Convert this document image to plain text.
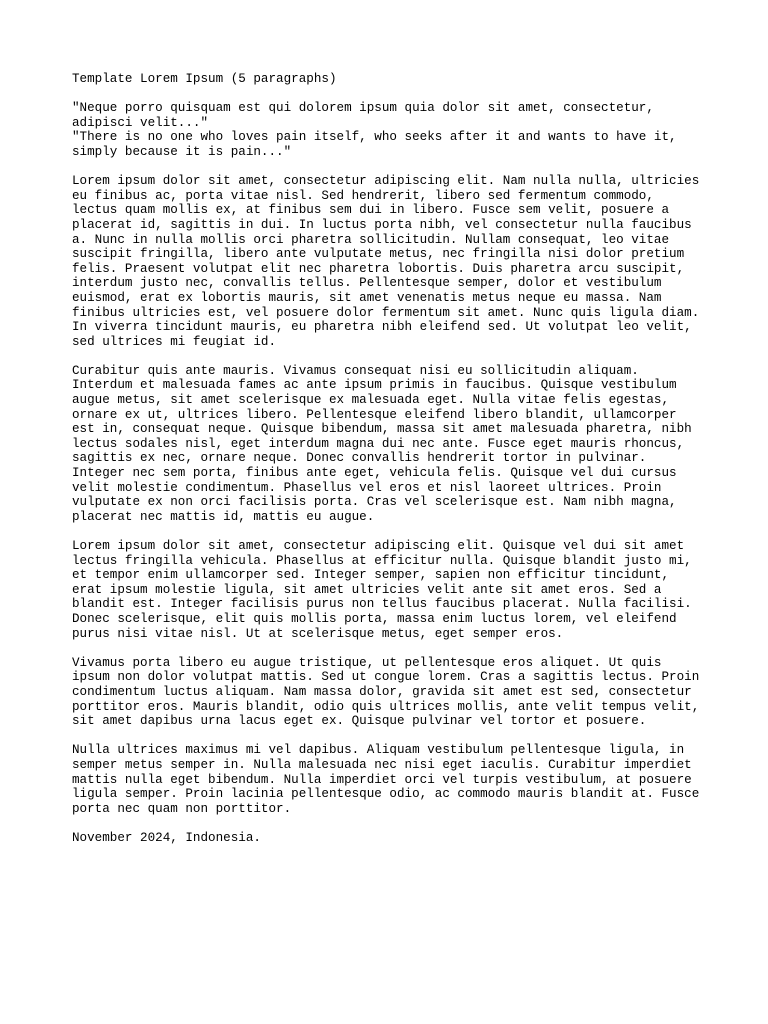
Template Lorem Ipsum (5 paragraphs)
"Neque porro quisquam est qui dolorem ipsum quia dolor sit amet, consectetur,
adipisci velit..."
"There is no one who loves pain itself, who seeks after it and wants to have it,
simply because it is pain..."
Lorem ipsum dolor sit amet, consectetur adipiscing elit. Nam nulla nulla, ultricies
eu finibus ac, porta vitae nisl. Sed hendrerit, libero sed fermentum commodo,
lectus quam mollis ex, at finibus sem dui in libero. Fusce sem velit, posuere a
placerat id, sagittis in dui. In luctus porta nibh, vel consectetur nulla faucibus
a. Nunc in nulla mollis orci pharetra sollicitudin. Nullam consequat, leo vitae
suscipit fringilla, libero ante vulputate metus, nec fringilla nisi dolor pretium
felis. Praesent volutpat elit nec pharetra lobortis. Duis pharetra arcu suscipit,
interdum justo nec, convallis tellus. Pellentesque semper, dolor et vestibulum
euismod, erat ex lobortis mauris, sit amet venenatis metus neque eu massa. Nam
finibus ultricies est, vel posuere dolor fermentum sit amet. Nunc quis ligula diam.
In viverra tincidunt mauris, eu pharetra nibh eleifend sed. Ut volutpat leo velit,
sed ultrices mi feugiat id.
Curabitur quis ante mauris. Vivamus consequat nisi eu sollicitudin aliquam.
Interdum et malesuada fames ac ante ipsum primis in faucibus. Quisque vestibulum
augue metus, sit amet scelerisque ex malesuada eget. Nulla vitae felis egestas,
ornare ex ut, ultrices libero. Pellentesque eleifend libero blandit, ullamcorper
est in, consequat neque. Quisque bibendum, massa sit amet malesuada pharetra, nibh
lectus sodales nisl, eget interdum magna dui nec ante. Fusce eget mauris rhoncus,
sagittis ex nec, ornare neque. Donec convallis hendrerit tortor in pulvinar.
Integer nec sem porta, finibus ante eget, vehicula felis. Quisque vel dui cursus
velit molestie condimentum. Phasellus vel eros et nisl laoreet ultrices. Proin
vulputate ex non orci facilisis porta. Cras vel scelerisque est. Nam nibh magna,
placerat nec mattis id, mattis eu augue.
Lorem ipsum dolor sit amet, consectetur adipiscing elit. Quisque vel dui sit amet
lectus fringilla vehicula. Phasellus at efficitur nulla. Quisque blandit justo mi,
et tempor enim ullamcorper sed. Integer semper, sapien non efficitur tincidunt,
erat ipsum molestie ligula, sit amet ultricies velit ante sit amet eros. Sed a
blandit est. Integer facilisis purus non tellus faucibus placerat. Nulla facilisi.
Donec scelerisque, elit quis mollis porta, massa enim luctus lorem, vel eleifend
purus nisi vitae nisl. Ut at scelerisque metus, eget semper eros.
Vivamus porta libero eu augue tristique, ut pellentesque eros aliquet. Ut quis
ipsum non dolor volutpat mattis. Sed ut congue lorem. Cras a sagittis lectus. Proin
condimentum luctus aliquam. Nam massa dolor, gravida sit amet est sed, consectetur
porttitor eros. Mauris blandit, odio quis ultrices mollis, ante velit tempus velit,
sit amet dapibus urna lacus eget ex. Quisque pulvinar vel tortor et posuere.
Nulla ultrices maximus mi vel dapibus. Aliquam vestibulum pellentesque ligula, in
semper metus semper in. Nulla malesuada nec nisi eget iaculis. Curabitur imperdiet
mattis nulla eget bibendum. Nulla imperdiet orci vel turpis vestibulum, at posuere
ligula semper. Proin lacinia pellentesque odio, ac commodo mauris blandit at. Fusce
porta nec quam non porttitor.
November 2024, Indonesia.
